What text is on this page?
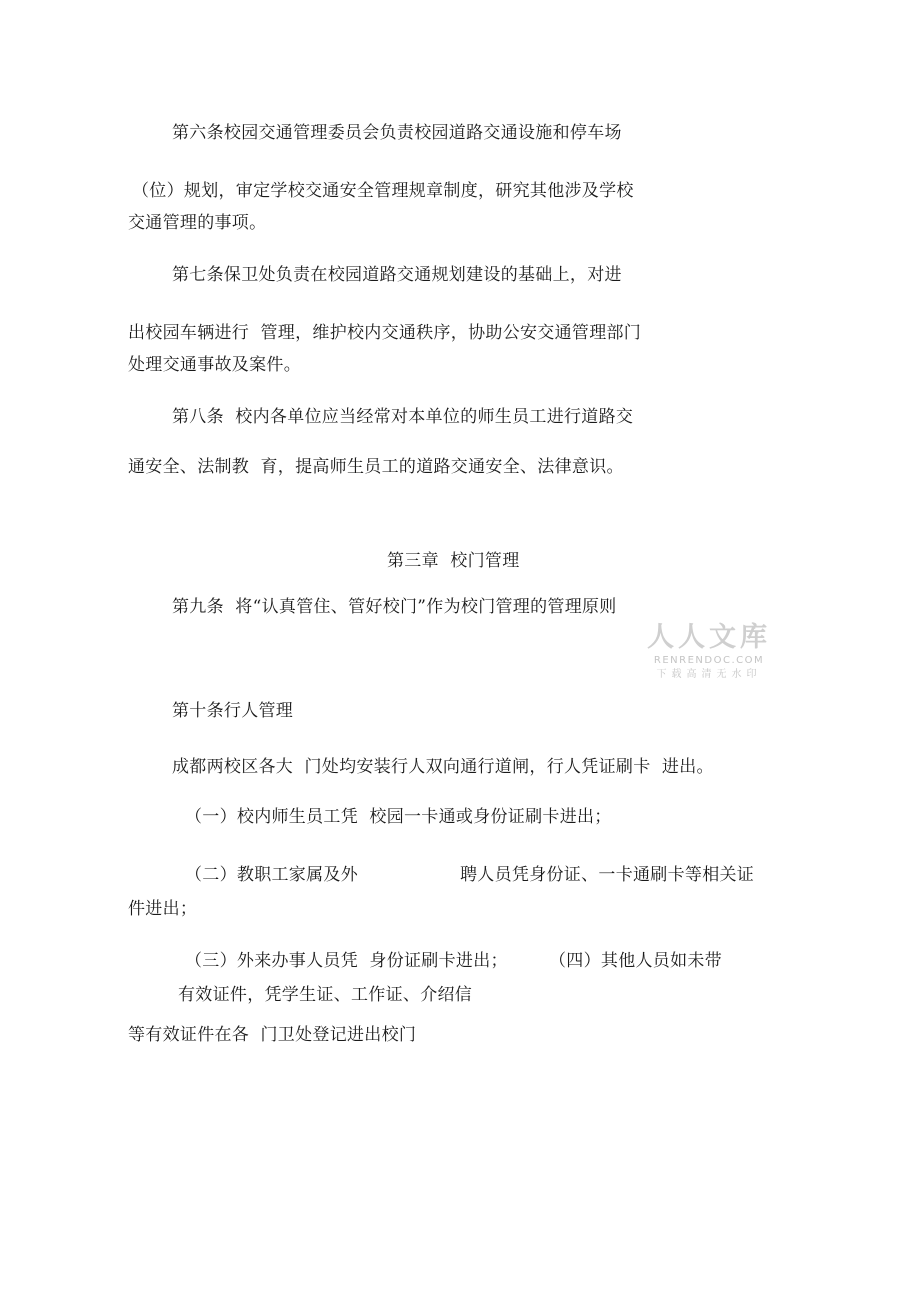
第六条校园交通管理委员会负责校园道路交通设施和停车场
（位）规划，审定学校交通安全管理规章制度，研究其他涉及学校
交通管理的事项。
第七条保卫处负责在校园道路交通规划建设的基础上，对进
出校园车辆进行  管理，维护校内交通秩序，协助公安交通管理部门
处理交通事故及案件。
第八条  校内各单位应当经常对本单位的师生员工进行道路交
通安全、法制教  育，提高师生员工的道路交通安全、法律意识。
第三章  校门管理
第九条  将“认真管住、管好校门”作为校门管理的管理原则
第十条行人管理
成都两校区各大  门处均安装行人双向通行道闸，行人凭证刷卡  进出。
（一）校内师生员工凭  校园一卡通或身份证刷卡进出；
（二）教职工家属及外	聘人员凭身份证、一卡通刷卡等相关证
件进出；
（三）外来办事人员凭  身份证刷卡进出； （四）其他人员如未带
有效证件，凭学生证、工作证、介绍信
等有效证件在各  门卫处登记进出校门
人人文库
RENRENDOC.COM
下载高清无水印
